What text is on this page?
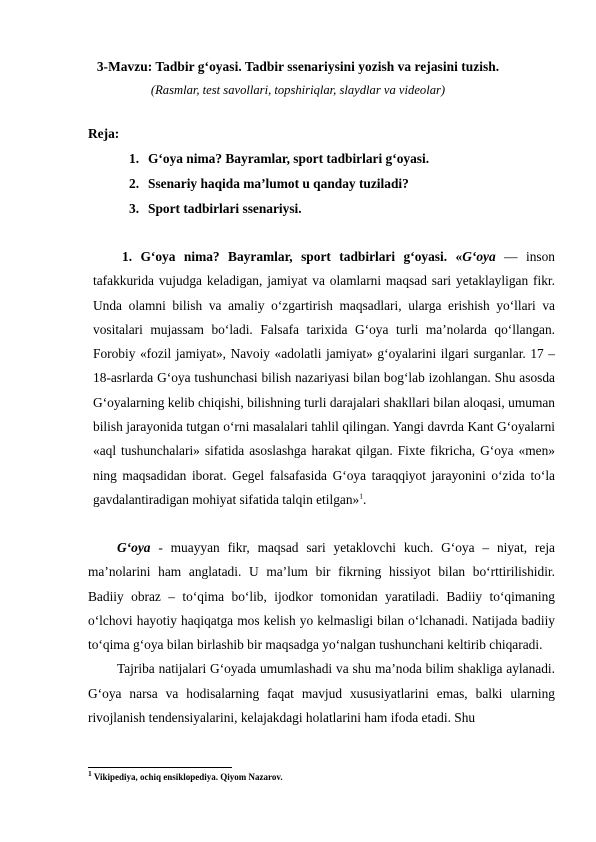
3-Mavzu: Tadbir g‘oyasi. Tadbir ssenariysini yozish va rejasini tuzish.
(Rasmlar, test savollari, topshiriqlar, slaydlar va videolar)
Reja:
1. G‘oya nima? Bayramlar, sport tadbirlari g‘oyasi.
2. Ssenariy haqida ma’lumot u qanday tuziladi?
3. Sport tadbirlari ssenariysi.
1. G‘oya nima? Bayramlar, sport tadbirlari g‘oyasi. «G‘oya — inson tafakkurida vujudga keladigan, jamiyat va olamlarni maqsad sari yetaklayligan fikr. Unda olamni bilish va amaliy o‘zgartirish maqsadlari, ularga erishish yo‘llari va vositalari mujassam bo‘ladi. Falsafa tarixida G‘oya turli ma’nolarda qo‘llangan. Forobiy «fozil jamiyat», Navoiy «adolatli jamiyat» g‘oyalarini ilgari surganlar. 17 – 18-asrlarda G‘oya tushunchasi bilish nazariyasi bilan bog‘lab izohlangan. Shu asosda G‘oyalarning kelib chiqishi, bilishning turli darajalari shakllari bilan aloqasi, umuman bilish jarayonida tutgan o‘rni masalalari tahlil qilingan. Yangi davrda Kant G‘oyalarni «aql tushunchalari» sifatida asoslashga harakat qilgan. Fixte fikricha, G‘oya «men» ning maqsadidan iborat. Gegel falsafasida G‘oya taraqqiyot jarayonini o‘zida to‘la gavdalantiradigan mohiyat sifatida talqin etilgan»$^1$.

G‘oya - muayyan fikr, maqsad sari yetaklovchi kuch. G‘oya – niyat, reja ma’nolarini ham anglatadi. U ma’lum bir fikrning hissiyot bilan bo‘rttirilishidir. Badiiy obraz – to‘qima bo‘lib, ijodkor tomonidan yaratiladi. Badiiy to‘qimaning o‘lchovi hayotiy haqiqatga mos kelish yo kelmasligi bilan o‘lchanadi. Natijada badiiy to‘qima g‘oya bilan birlashib bir maqsadga yo‘nalgan tushunchani keltirib chiqaradi.

Tajriba natijalari G‘oyada umumlashadi va shu ma’noda bilim shakliga aylanadi. G‘oya narsa va hodisalarning faqat mavjud xususiyatlarini emas, balki ularning rivojlanish tendensiyalarini, kelajakdagi holatlarini ham ifoda etadi. Shu

$^1$ Vikipediya, ochiq ensiklopediya. Qiyom Nazarov.
